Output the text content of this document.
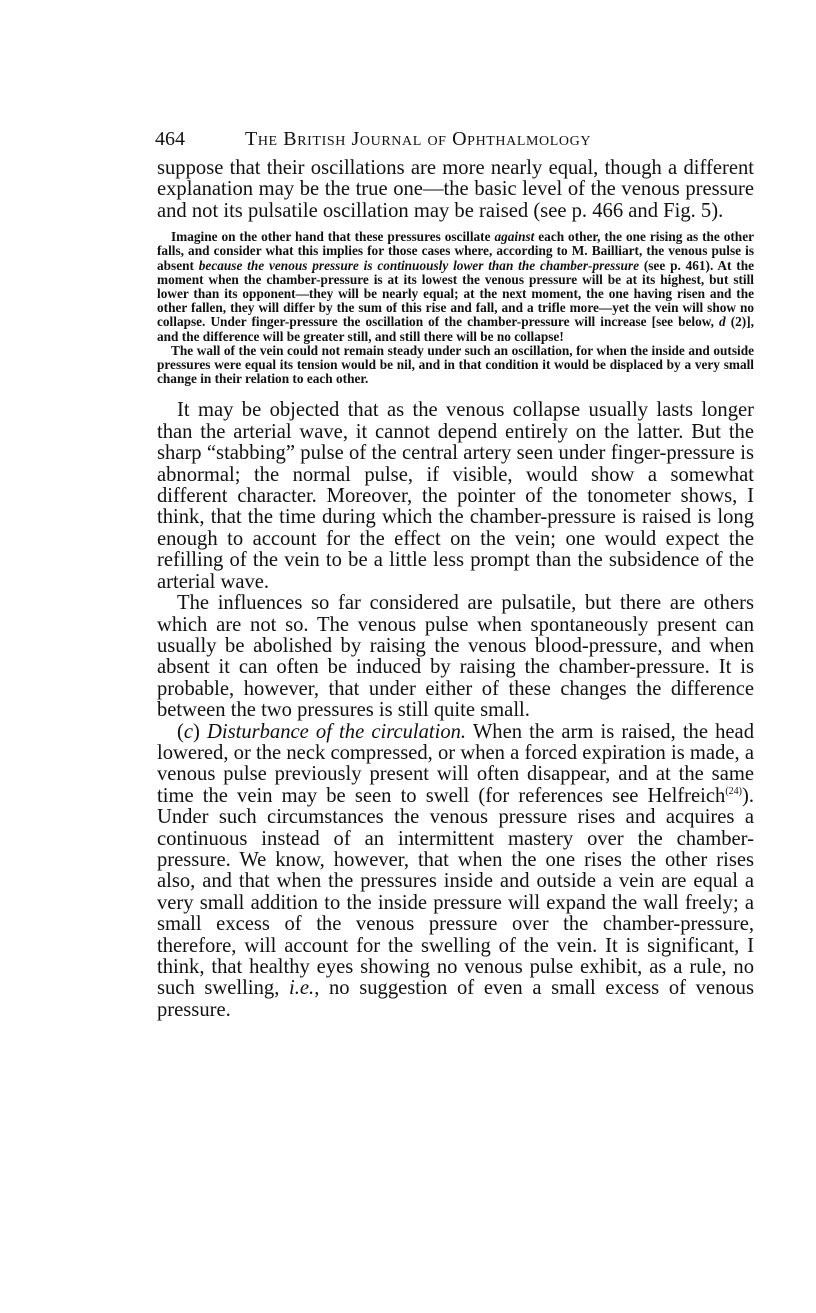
464	The British Journal of Ophthalmology

suppose that their oscillations are more nearly equal, though a different explanation may be the true one—the basic level of the venous pressure and not its pulsatile oscillation may be raised (see p. 466 and Fig. 5).

Imagine on the other hand that these pressures oscillate against each other, the one rising as the other falls, and consider what this implies for those cases where, according to M. Bailliart, the venous pulse is absent because the venous pressure is continuously lower than the chamber-pressure (see p. 461). At the moment when the chamber-pressure is at its lowest the venous pressure will be at its highest, but still lower than its opponent—they will be nearly equal; at the next moment, the one having risen and the other fallen, they will differ by the sum of this rise and fall, and a trifle more—yet the vein will show no collapse. Under finger-pressure the oscillation of the chamber-pressure will increase [see below, d (2)], and the difference will be greater still, and still there will be no collapse!

The wall of the vein could not remain steady under such an oscillation, for when the inside and outside pressures were equal its tension would be nil, and in that condition it would be displaced by a very small change in their relation to each other.

It may be objected that as the venous collapse usually lasts longer than the arterial wave, it cannot depend entirely on the latter. But the sharp “stabbing” pulse of the central artery seen under finger-pressure is abnormal; the normal pulse, if visible, would show a somewhat different character. Moreover, the pointer of the tonometer shows, I think, that the time during which the chamber-pressure is raised is long enough to account for the effect on the vein; one would expect the refilling of the vein to be a little less prompt than the subsidence of the arterial wave.

The influences so far considered are pulsatile, but there are others which are not so. The venous pulse when spontaneously present can usually be abolished by raising the venous blood-pressure, and when absent it can often be induced by raising the chamber-pressure. It is probable, however, that under either of these changes the difference between the two pressures is still quite small.

(c) Disturbance of the circulation. When the arm is raised, the head lowered, or the neck compressed, or when a forced expiration is made, a venous pulse previously present will often disappear, and at the same time the vein may be seen to swell (for references see Helfreich$^{(24)}$). Under such circumstances the venous pressure rises and acquires a continuous instead of an intermittent mastery over the chamber-pressure. We know, however, that when the one rises the other rises also, and that when the pressures inside and outside a vein are equal a very small addition to the inside pressure will expand the wall freely; a small excess of the venous pressure over the chamber-pressure, therefore, will account for the swelling of the vein. It is significant, I think, that healthy eyes showing no venous pulse exhibit, as a rule, no such swelling, i.e., no suggestion of even a small excess of venous pressure.
